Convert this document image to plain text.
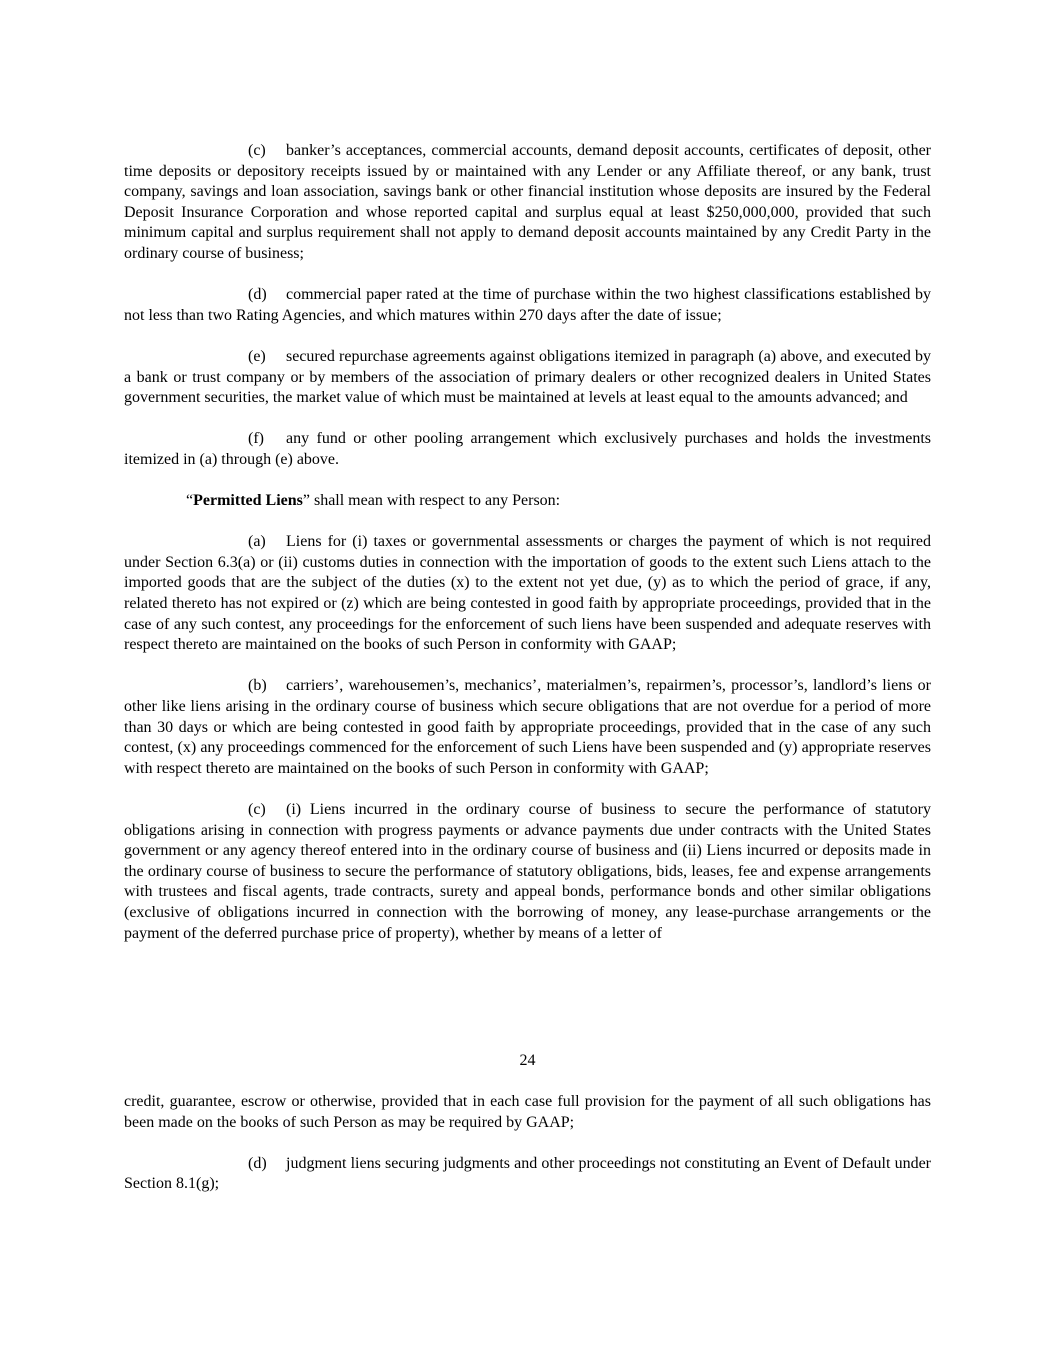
(c) banker’s acceptances, commercial accounts, demand deposit accounts, certificates of deposit, other time deposits or depository receipts issued by or maintained with any Lender or any Affiliate thereof, or any bank, trust company, savings and loan association, savings bank or other financial institution whose deposits are insured by the Federal Deposit Insurance Corporation and whose reported capital and surplus equal at least $250,000,000, provided that such minimum capital and surplus requirement shall not apply to demand deposit accounts maintained by any Credit Party in the ordinary course of business;

(d) commercial paper rated at the time of purchase within the two highest classifications established by not less than two Rating Agencies, and which matures within 270 days after the date of issue;

(e) secured repurchase agreements against obligations itemized in paragraph (a) above, and executed by a bank or trust company or by members of the association of primary dealers or other recognized dealers in United States government securities, the market value of which must be maintained at levels at least equal to the amounts advanced; and

(f) any fund or other pooling arrangement which exclusively purchases and holds the investments itemized in (a) through (e) above.

“Permitted Liens” shall mean with respect to any Person:

(a) Liens for (i) taxes or governmental assessments or charges the payment of which is not required under Section 6.3(a) or (ii) customs duties in connection with the importation of goods to the extent such Liens attach to the imported goods that are the subject of the duties (x) to the extent not yet due, (y) as to which the period of grace, if any, related thereto has not expired or (z) which are being contested in good faith by appropriate proceedings, provided that in the case of any such contest, any proceedings for the enforcement of such liens have been suspended and adequate reserves with respect thereto are maintained on the books of such Person in conformity with GAAP;

(b) carriers’, warehousemen’s, mechanics’, materialmen’s, repairmen’s, processor’s, landlord’s liens or other like liens arising in the ordinary course of business which secure obligations that are not overdue for a period of more than 30 days or which are being contested in good faith by appropriate proceedings, provided that in the case of any such contest, (x) any proceedings commenced for the enforcement of such Liens have been suspended and (y) appropriate reserves with respect thereto are maintained on the books of such Person in conformity with GAAP;

(c) (i) Liens incurred in the ordinary course of business to secure the performance of statutory obligations arising in connection with progress payments or advance payments due under contracts with the United States government or any agency thereof entered into in the ordinary course of business and (ii) Liens incurred or deposits made in the ordinary course of business to secure the performance of statutory obligations, bids, leases, fee and expense arrangements with trustees and fiscal agents, trade contracts, surety and appeal bonds, performance bonds and other similar obligations (exclusive of obligations incurred in connection with the borrowing of money, any lease-purchase arrangements or the payment of the deferred purchase price of property), whether by means of a letter of

24

credit, guarantee, escrow or otherwise, provided that in each case full provision for the payment of all such obligations has been made on the books of such Person as may be required by GAAP;

(d) judgment liens securing judgments and other proceedings not constituting an Event of Default under Section 8.1(g);
